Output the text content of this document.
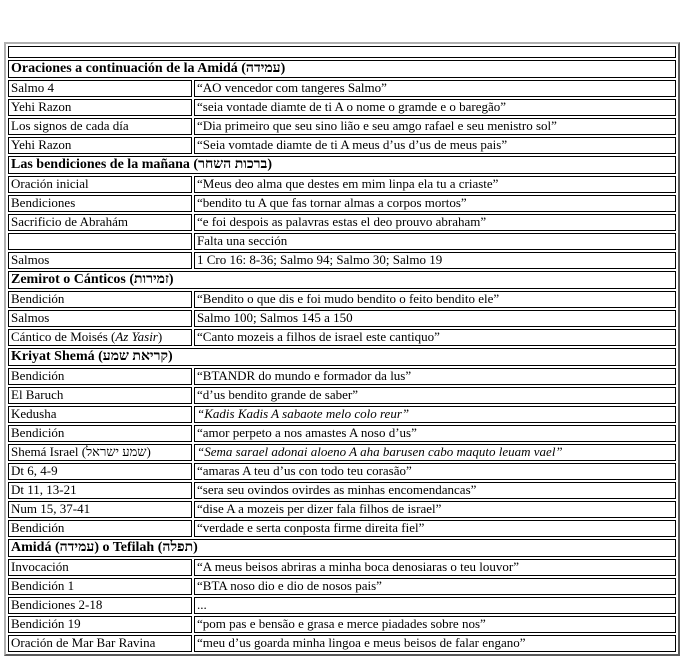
Oraciones a continuación de la Amidá (עמידה)	
Salmo 4	“AO vencedor com tangeres Salmo”
Yehi Razon	“seia vontade diamte de ti A o nome o gramde e o baregão”
Los signos de cada día	“Dia primeiro que seu sino lião e seu amgo rafael e seu menistro sol”
Yehi Razon	“Seia vomtade diamte de ti A meus d’us d’us de meus pais”
Las bendiciones de la mañana (ברכות השחר)	
Oración inicial	“Meus deo alma que destes em mim linpa ela tu a criaste”
Bendiciones	“bendito tu A que fas tornar almas a corpos mortos”
Sacrificio de Abrahám	“e foi despois as palavras estas el deo prouvo abraham”
	Falta una sección
Salmos	1 Cro 16: 8-36; Salmo 94; Salmo 30; Salmo 19
Zemirot o Cánticos (זמירות)	
Bendición	“Bendito o que dis e foi mudo bendito o feito bendito ele”
Salmos	Salmo 100; Salmos 145 a 150
Cántico de Moisés (Az Yasir)	“Canto mozeis a filhos de israel este cantiquo”
Kriyat Shemá (קריאת שמע)	
Bendición	“BTANDR do mundo e formador da lus”
El Baruch	“d’us bendito grande de saber”
Kedusha	“Kadis Kadis A sabaote melo colo reur”
Bendición	“amor perpeto a nos amastes A noso d’us”
Shemá Israel (שמע ישראל)	“Sema sarael adonai aloeno A aha barusen cabo maquto leuam vael”
Dt 6, 4-9	“amaras A teu d’us con todo teu corasão”
Dt 11, 13-21	“sera seu ovindos ovirdes as minhas encomendancas”
Num 15, 37-41	“dise A a mozeis per dizer fala filhos de israel”
Bendición	“verdade e serta conposta firme direita fiel”
Amidá (עמידה) o Tefilah (תפלה)	
Invocación	“A meus beisos abriras a minha boca denosiaras o teu louvor”
Bendición 1	“BTA noso dio e dio de nosos pais”
Bendiciones 2-18	...
Bendición 19	“pom pas e bensão e grasa e merce piadades sobre nos”
Oración de Mar Bar Ravina	“meu d’us goarda minha lingoa e meus beisos de falar engano”
